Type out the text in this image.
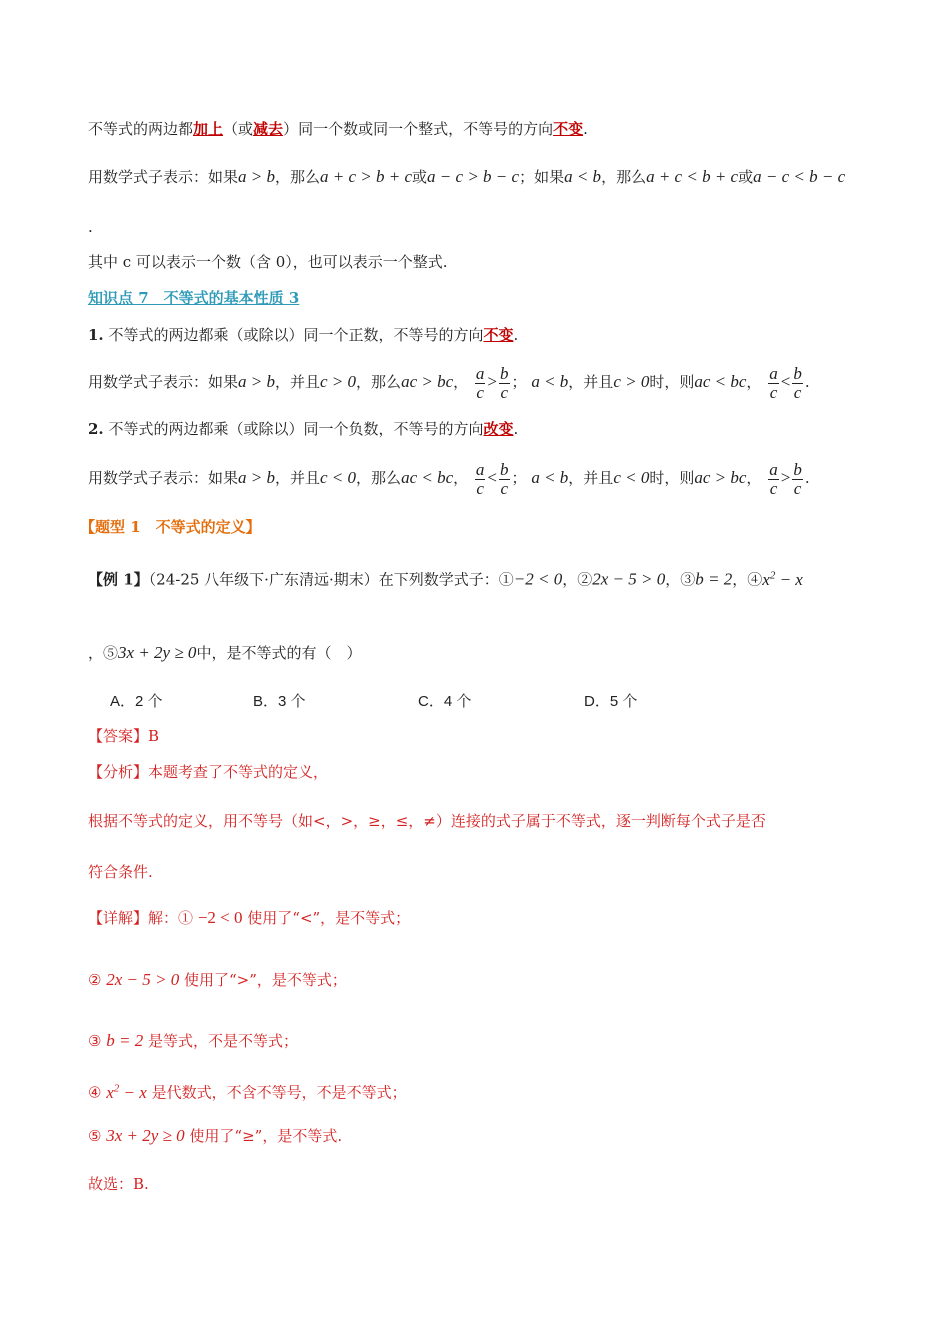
不等式的两边都加上（或减去）同一个数或同一个整式，不等号的方向不变.
用数学式子表示：如果a > b，那么a + c > b + c或a − c > b − c；如果a < b，那么a + c < b + c或a − c < b − c
.
其中 c 可以表示一个数（含 0），也可以表示一个整式.
知识点 7　不等式的基本性质 3
1. 不等式的两边都乘（或除以）同一个正数，不等号的方向不变.
用数学式子表示：如果a > b，并且c > 0，那么ac > bc， $\frac{a}{c} > \frac{b}{c}$ ； a < b，并且c > 0时，则ac < bc， $\frac{a}{c} < \frac{b}{c}$ .
2. 不等式的两边都乘（或除以）同一个负数，不等号的方向改变.
用数学式子表示：如果a > b，并且c < 0，那么ac < bc， $\frac{a}{c} < \frac{b}{c}$ ； a < b，并且c < 0时，则ac > bc， $\frac{a}{c} > \frac{b}{c}$ .
【题型 1　不等式的定义】
【例 1】（24-25 八年级下·广东清远·期末）在下列数学式子：①−2 < 0，②2x − 5 > 0，③b = 2，$④x^2 - x$
，⑤3x + 2y ≥ 0中，是不等式的有（　）
A．2 个	B．3 个	C．4 个	D．5 个
【答案】B
【分析】本题考查了不等式的定义，
根据不等式的定义，用不等号（如<，>，≥，≤，≠）连接的式子属于不等式，逐一判断每个式子是否
符合条件.
【详解】解：① −2 < 0 使用了“<”，是不等式；
② 2x − 5 > 0 使用了“>”，是不等式；
③ b = 2 是等式，不是不等式；
④ $x^2 - x$ 是代数式，不含不等号，不是不等式；
⑤ 3x + 2y ≥ 0 使用了“≥”，是不等式.
故选：B.
